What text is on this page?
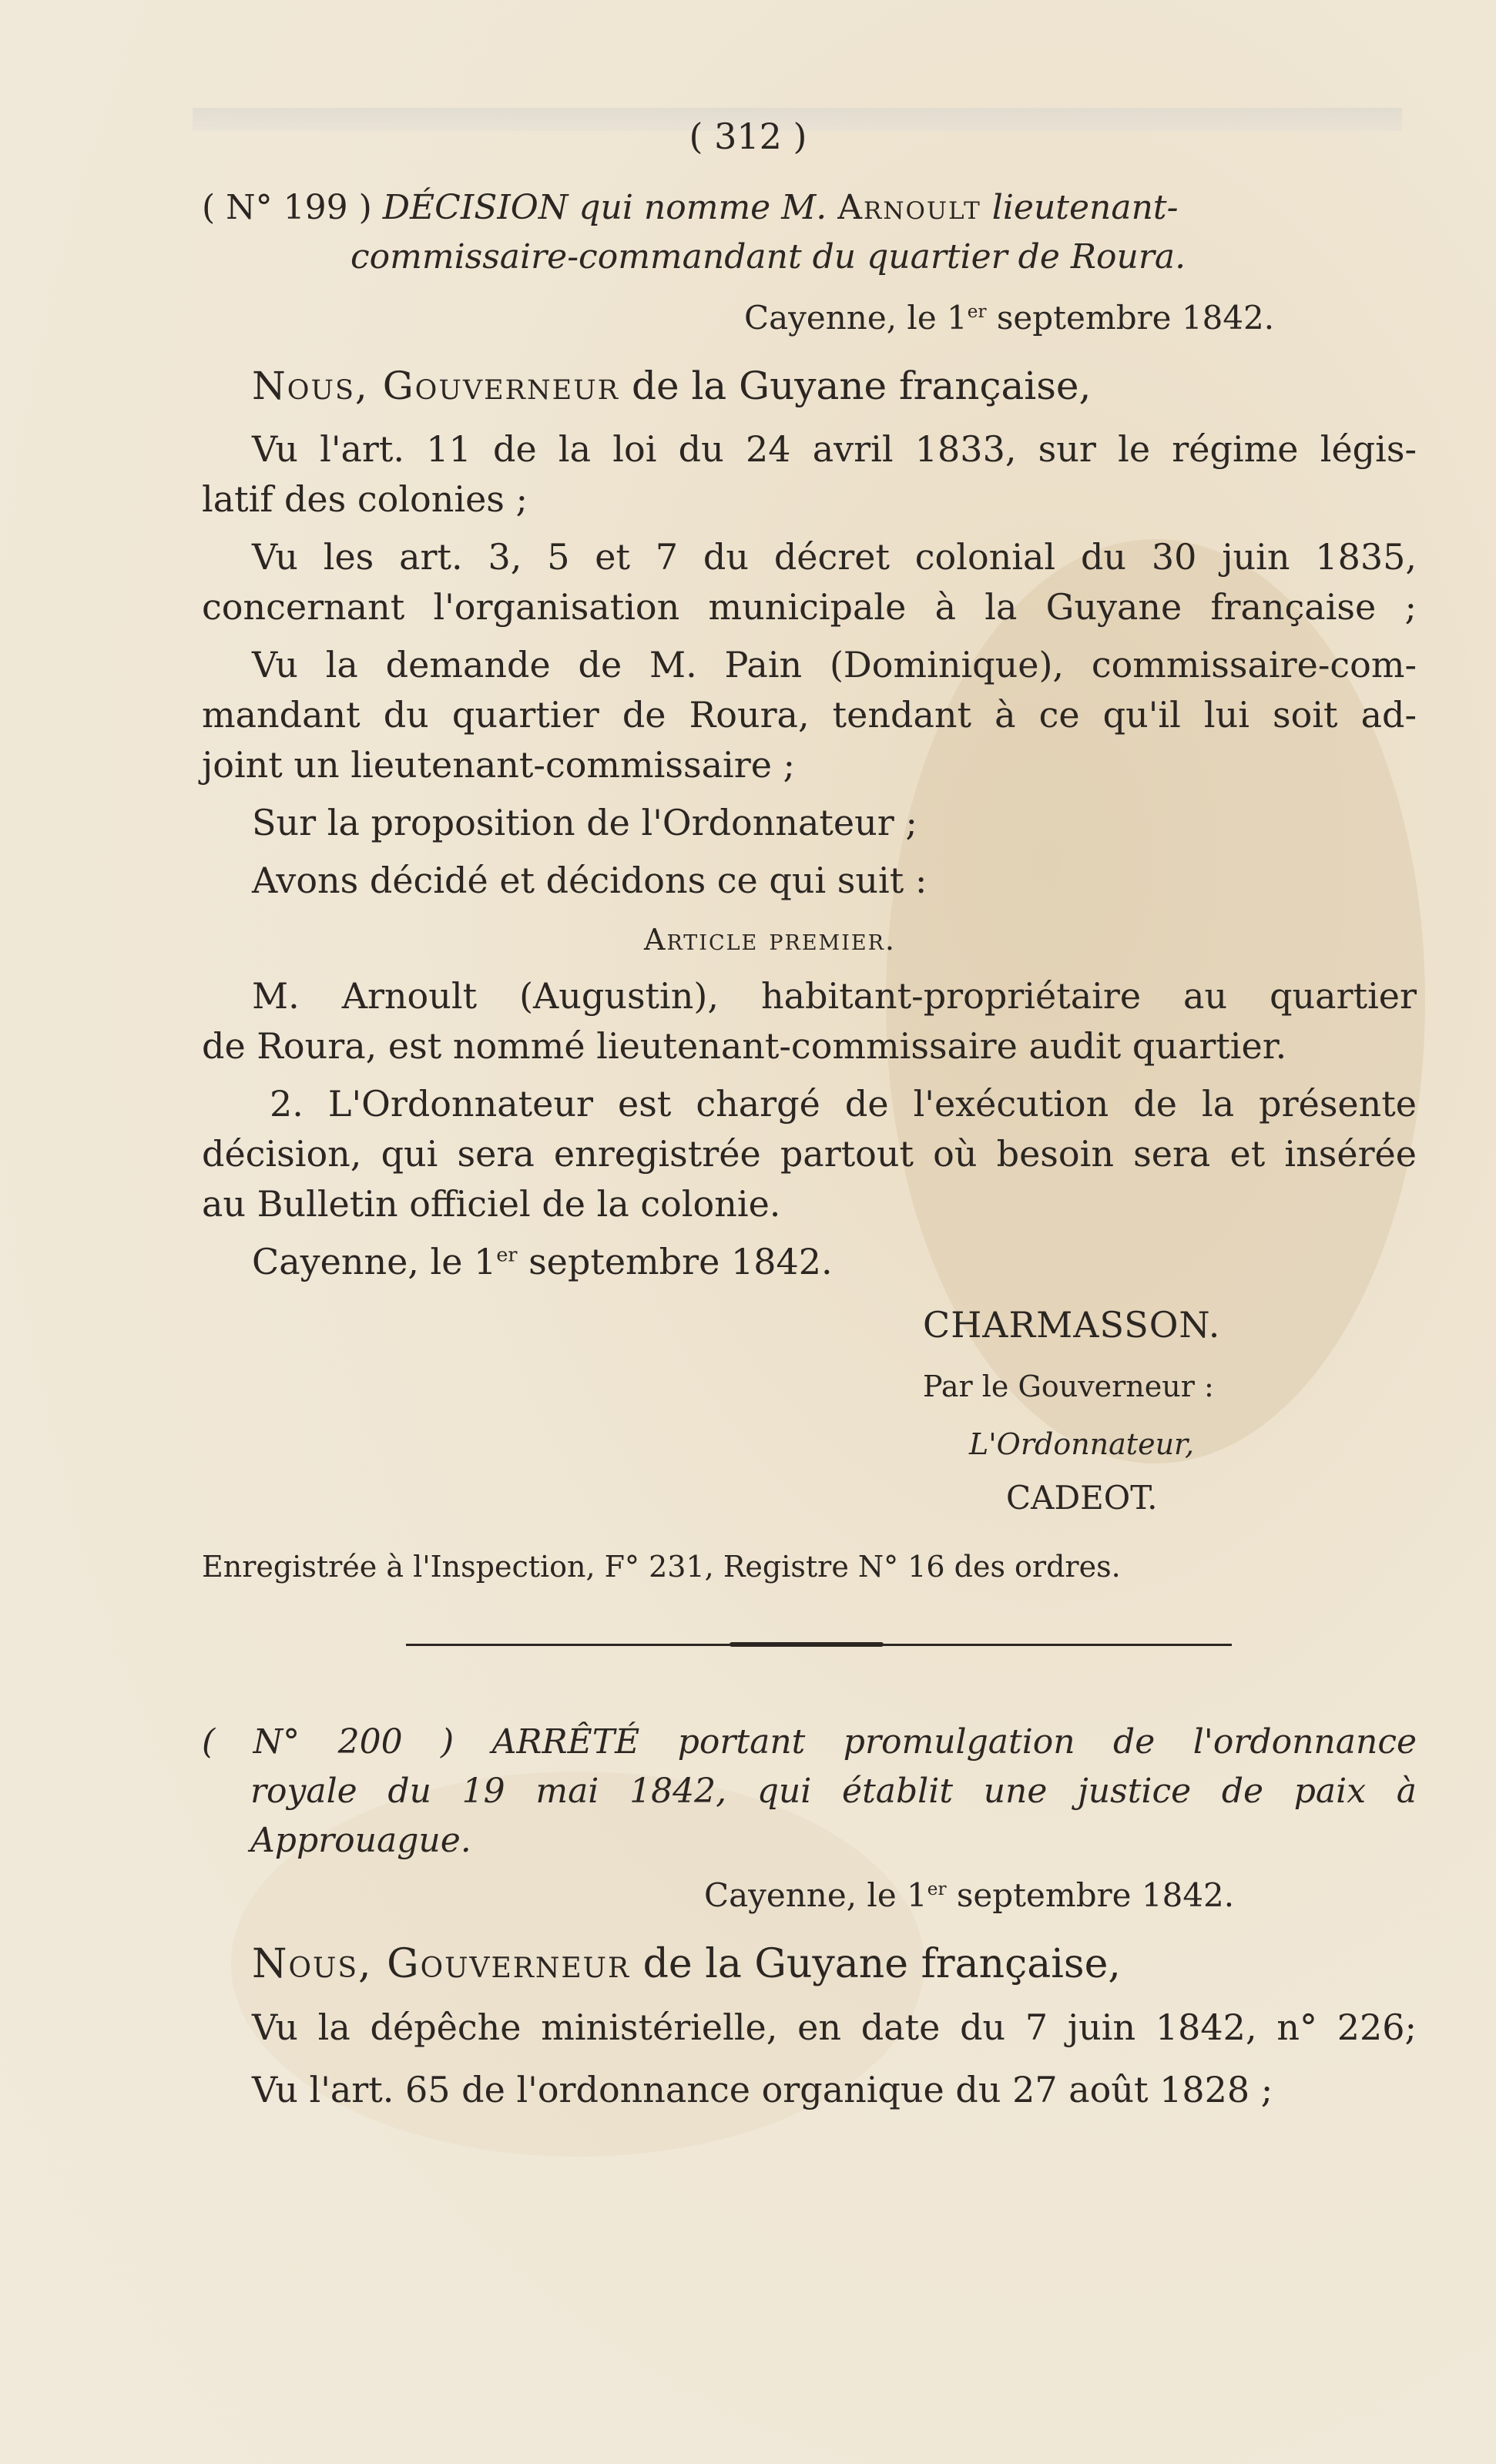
( 312 )
( N° 199 ) DÉCISION qui nomme M. Arnoult lieutenant-
commissaire-commandant du quartier de Roura.
Cayenne, le 1er septembre 1842.
Nous, Gouverneur de la Guyane française,
Vu l'art. 11 de la loi du 24 avril 1833, sur le régime légis-
latif des colonies ;
Vu les art. 3, 5 et 7 du décret colonial du 30 juin 1835,
concernant l'organisation municipale à la Guyane française ;
Vu la demande de M. Pain (Dominique), commissaire-com-
mandant du quartier de Roura, tendant à ce qu'il lui soit ad-
joint un lieutenant-commissaire ;
Sur la proposition de l'Ordonnateur ;
Avons décidé et décidons ce qui suit :
Article premier.
M. Arnoult (Augustin), habitant-propriétaire au quartier
de Roura, est nommé lieutenant-commissaire audit quartier.
2. L'Ordonnateur est chargé de l'exécution de la présente
décision, qui sera enregistrée partout où besoin sera et insérée
au Bulletin officiel de la colonie.
Cayenne, le 1er septembre 1842.
CHARMASSON.
Par le Gouverneur :
L'Ordonnateur,
CADEOT.
Enregistrée à l'Inspection, F° 231, Registre N° 16 des ordres.
( N° 200 ) ARRÊTÉ portant promulgation de l'ordonnance
royale du 19 mai 1842, qui établit une justice de paix à
Approuague.
Cayenne, le 1er septembre 1842.
Nous, Gouverneur de la Guyane française,
Vu la dépêche ministérielle, en date du 7 juin 1842, n° 226;
Vu l'art. 65 de l'ordonnance organique du 27 août 1828 ;
